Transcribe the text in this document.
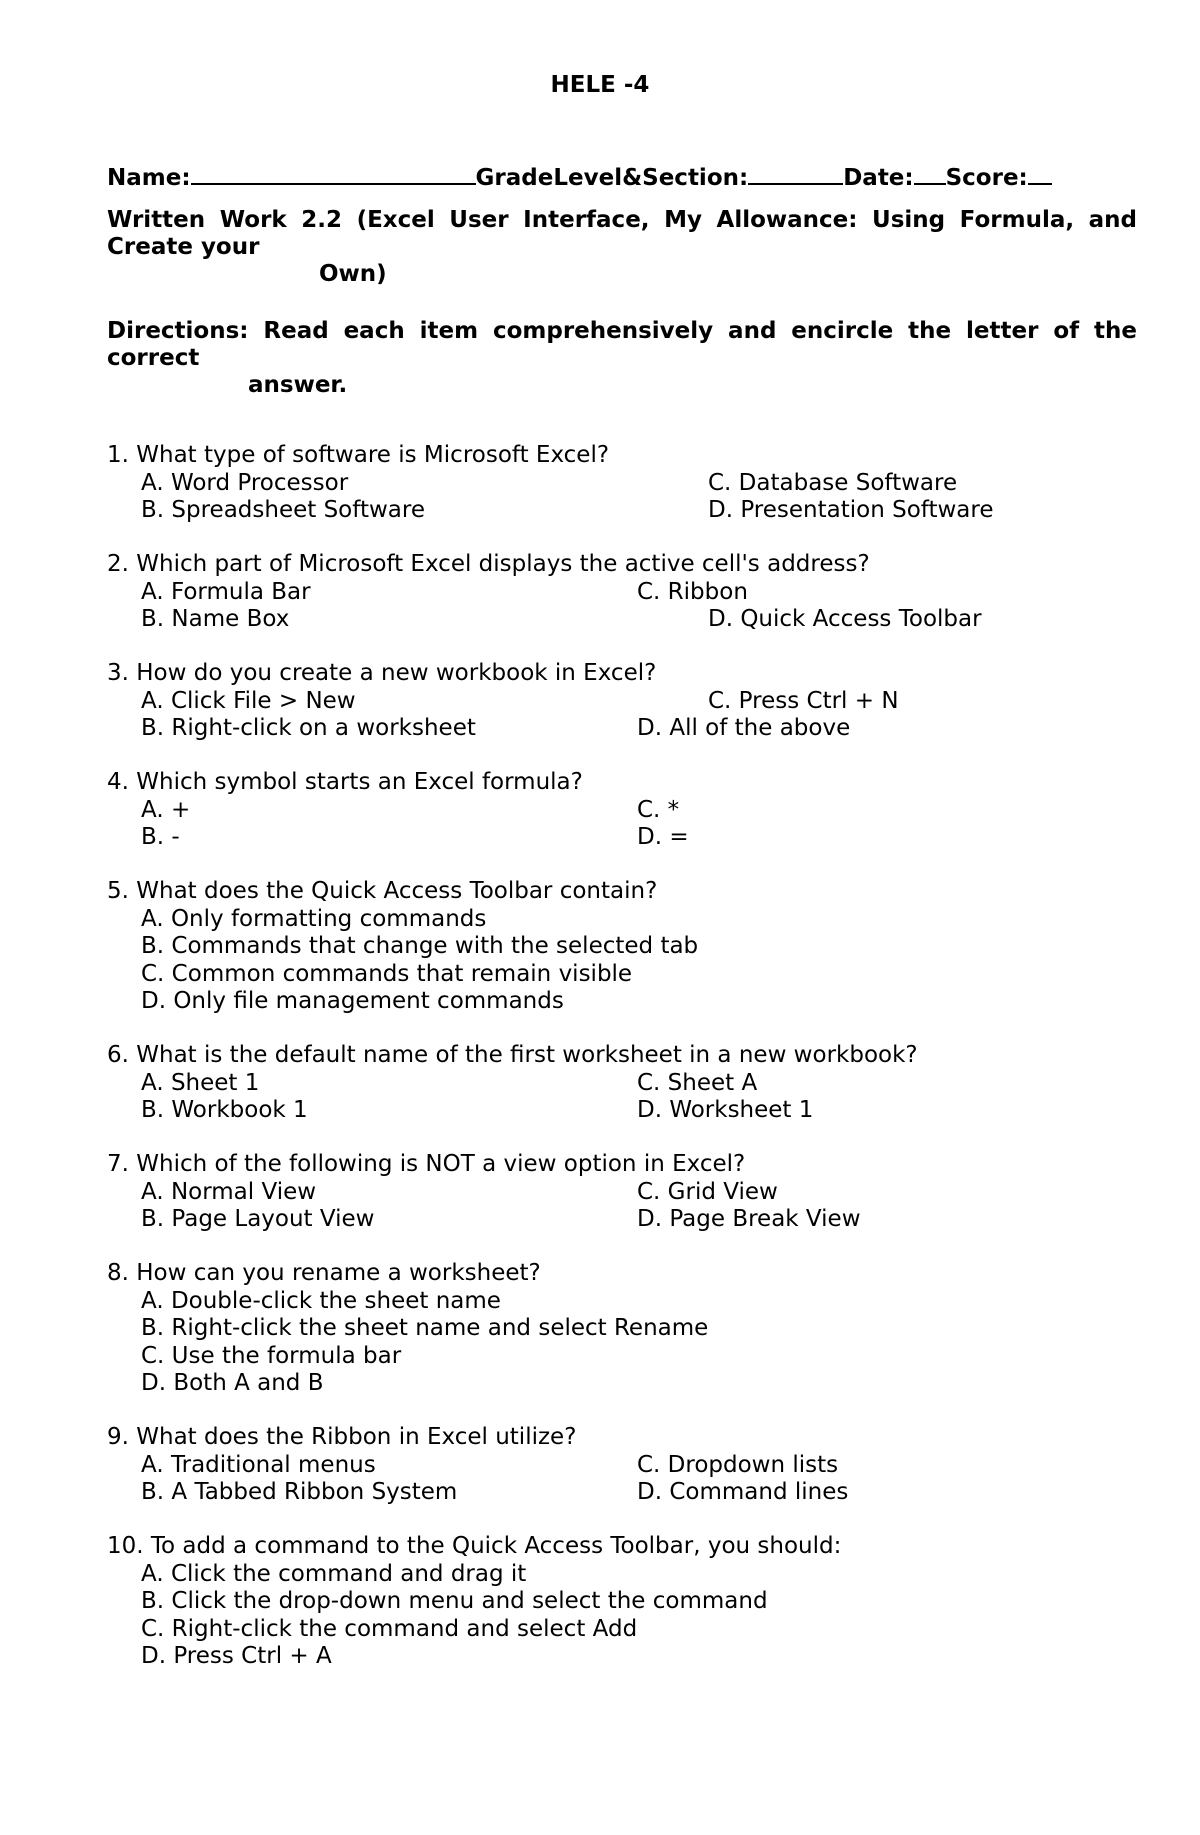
HELE -4
Name:	GradeLevel&Section:	Date: Score:
Written Work 2.2 (Excel User Interface, My Allowance: Using Formula, and
Create your
Own)
Directions: Read each item comprehensively and encircle the letter of the
correct
answer.
1. What type of software is Microsoft Excel?
A. Word Processor	C. Database Software
B. Spreadsheet Software	D. Presentation Software
2. Which part of Microsoft Excel displays the active cell's address?
A. Formula Bar	C. Ribbon
B. Name Box	D. Quick Access Toolbar
3. How do you create a new workbook in Excel?
A. Click File > New	C. Press Ctrl + N
B. Right-click on a worksheet	D. All of the above
4. Which symbol starts an Excel formula?
A. +	C. *
B. -	D. =
5. What does the Quick Access Toolbar contain?
A. Only formatting commands
B. Commands that change with the selected tab
C. Common commands that remain visible
D. Only file management commands
6. What is the default name of the first worksheet in a new workbook?
A. Sheet 1	C. Sheet A
B. Workbook 1	D. Worksheet 1
7. Which of the following is NOT a view option in Excel?
A. Normal View	C. Grid View
B. Page Layout View	D. Page Break View
8. How can you rename a worksheet?
A. Double-click the sheet name
B. Right-click the sheet name and select Rename
C. Use the formula bar
D. Both A and B
9. What does the Ribbon in Excel utilize?
A. Traditional menus	C. Dropdown lists
B. A Tabbed Ribbon System	D. Command lines
10. To add a command to the Quick Access Toolbar, you should:
A. Click the command and drag it
B. Click the drop-down menu and select the command
C. Right-click the command and select Add
D. Press Ctrl + A
